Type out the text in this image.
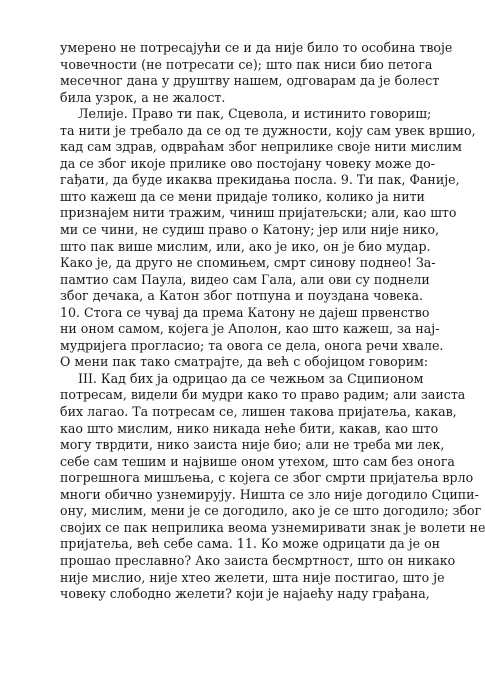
умерено не потресајући се и да није било то особина твоје
човечности (не потресати се); што пак ниси био петога
месечног дана у друштву нашем, одговарам да је болест
била узрок, а не жалост.
Лелије. Право ти пак, Сцевола, и истинито говориш;
та нити је требало да се од те дужности, коју сам увек вршио,
кад сам здрав, одвраћам због неприлике своје нити мислим
да се због икоје прилике ово постојану човеку може до-
гађати, да буде икаква прекидања посла. 9. Ти пак, Фаније,
што кажеш да се мени придаје толико, колико ја нити
признајем нити тражим, чиниш пријатељски; али, као што
ми се чини, не судиш право о Катону; јер или није нико,
што пак више мислим, или, ако је ико, он је био мудар.
Како је, да друго не спомињем, смрт синову поднео! За-
памтио сам Паула, видео сам Гала, али ови су поднели
због дечака, а Катон због потпуна и поуздана човека.
10. Стога се чувај да према Катону не дајеш првенство
ни оном самом, којега је Аполон, као што кажеш, за нај-
мудријега прогласио; та овога се дела, онога речи хвале.
О мени пак тако сматрајте, да већ с обојицом говорим:
III. Кад бих ја одрицао да се чежњом за Сципионом
потресам, видели би мудри како то право радим; али заиста
бих лагао. Та потресам се, лишен такова пријатеља, какав,
као што мислим, нико никада неће бити, какав, као што
могу тврдити, нико заиста није био; али не треба ми лек,
себе сам тешим и највише оном утехом, што сам без онога
погрешнога мишљења, с којега се због смрти пријатеља врло
многи обично узнемирују. Ништа се зло није догодило Сципи-
ону, мислим, мени је се догодило, ако је се што догодило; због
својих се пак неприлика веома узнемиривати знак је волети не
пријатеља, већ себе сама. 11. Ко може одрицати да је он
прошао преславно? Ако заиста бесмртност, што он никако
није мислио, није хтео желети, шта није постигао, што је
човеку слободно желети? који је најаећу наду грађана,
